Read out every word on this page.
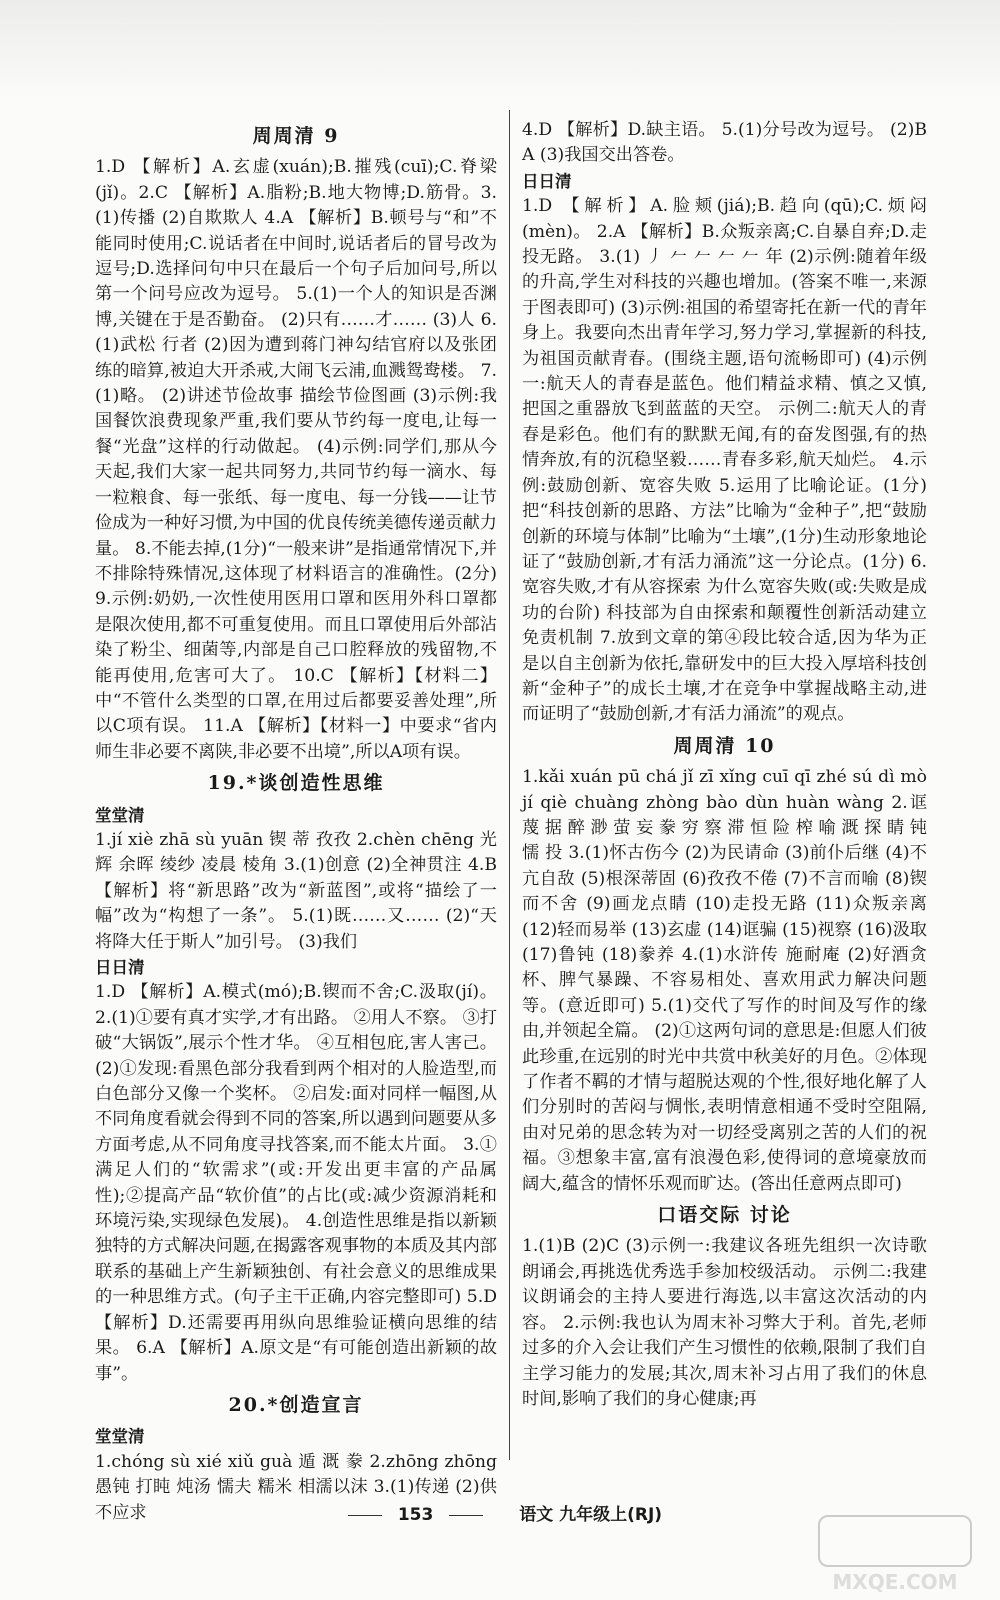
周周清 9

1.D 【解析】A.玄虚(xuán);B.摧残(cuī);C.脊梁(jǐ)。2.C 【解析】A.脂粉;B.地大物博;D.筋骨。3.(1)传播 (2)自欺欺人 4.A 【解析】B.顿号与“和”不能同时使用;C.说话者在中间时,说话者后的冒号改为逗号;D.选择问句中只在最后一个句子后加问号,所以第一个问号应改为逗号。 5.(1)一个人的知识是否渊博,关键在于是否勤奋。 (2)只有……才…… (3)人 6.(1)武松 行者 (2)因为遭到蒋门神勾结官府以及张团练的暗算,被迫大开杀戒,大闹飞云浦,血溅鸳鸯楼。 7.(1)略。 (2)讲述节俭故事 描绘节俭图画 (3)示例:我国餐饮浪费现象严重,我们要从节约每一度电,让每一餐“光盘”这样的行动做起。 (4)示例:同学们,那从今天起,我们大家一起共同努力,共同节约每一滴水、每一粒粮食、每一张纸、每一度电、每一分钱——让节俭成为一种好习惯,为中国的优良传统美德传递贡献力量。 8.不能去掉,(1分)“一般来讲”是指通常情况下,并不排除特殊情况,这体现了材料语言的准确性。(2分) 9.示例:奶奶,一次性使用医用口罩和医用外科口罩都是限次使用,都不可重复使用。而且口罩使用后外部沾染了粉尘、细菌等,内部是自己口腔释放的残留物,不能再使用,危害可大了。 10.C 【解析】【材料二】中“不管什么类型的口罩,在用过后都要妥善处理”,所以C项有误。 11.A 【解析】【材料一】中要求“省内师生非必要不离陕,非必要不出境”,所以A项有误。

19.*谈创造性思维
堂堂清

1.jí xiè zhā sù yuān 锲 蒂 孜孜 2.chèn chēng 光辉 余晖 绫纱 凌晨 棱角 3.(1)创意 (2)全神贯注 4.B 【解析】将“新思路”改为“新蓝图”,或将“描绘了一幅”改为“构想了一条”。 5.(1)既……又…… (2)“天将降大任于斯人”加引号。 (3)我们

日日清

1.D 【解析】A.模式(mó);B.锲而不舍;C.汲取(jí)。2.(1)①要有真才实学,才有出路。 ②用人不察。 ③打破“大锅饭”,展示个性才华。 ④互相包庇,害人害己。 (2)①发现:看黑色部分我看到两个相对的人脸造型,而白色部分又像一个奖杯。 ②启发:面对同样一幅图,从不同角度看就会得到不同的答案,所以遇到问题要从多方面考虑,从不同角度寻找答案,而不能太片面。 3.①满足人们的“软需求”(或:开发出更丰富的产品属性);②提高产品“软价值”的占比(或:减少资源消耗和环境污染,实现绿色发展)。 4.创造性思维是指以新颖独特的方式解决问题,在揭露客观事物的本质及其内部联系的基础上产生新颖独创、有社会意义的思维成果的一种思维方式。(句子主干正确,内容完整即可) 5.D 【解析】D.还需要再用纵向思维验证横向思维的结果。 6.A 【解析】A.原文是“有可能创造出新颖的故事”。

20.*创造宣言
堂堂清

1.chóng sù xié xiǔ guà 遁 溉 豢 2.zhōng zhōng 愚钝 打盹 炖汤 懦夫 糯米 相濡以沫 3.(1)传递 (2)供不应求

4.D 【解析】D.缺主语。 5.(1)分号改为逗号。 (2)B A (3)我国交出答卷。

日日清

1.D 【解析】A.脸颊(jiá);B.趋向(qū);C.烦闷(mèn)。 2.A 【解析】B.众叛亲离;C.自暴自弃;D.走投无路。 3.(1) 丿 𠂉 𠂉 𠂉 𠂉 年 (2)示例:随着年级的升高,学生对科技的兴趣也增加。(答案不唯一,来源于图表即可) (3)示例:祖国的希望寄托在新一代的青年身上。我要向杰出青年学习,努力学习,掌握新的科技,为祖国贡献青春。(围绕主题,语句流畅即可) (4)示例一:航天人的青春是蓝色。他们精益求精、慎之又慎,把国之重器放飞到蓝蓝的天空。 示例二:航天人的青春是彩色。他们有的默默无闻,有的奋发图强,有的热情奔放,有的沉稳坚毅……青春多彩,航天灿烂。 4.示例:鼓励创新、宽容失败 5.运用了比喻论证。(1分)把“科技创新的思路、方法”比喻为“金种子”,把“鼓励创新的环境与体制”比喻为“土壤”,(1分)生动形象地论证了“鼓励创新,才有活力涌流”这一分论点。(1分) 6.宽容失败,才有从容探索 为什么宽容失败(或:失败是成功的台阶) 科技部为自由探索和颠覆性创新活动建立免责机制 7.放到文章的第④段比较合适,因为华为正是以自主创新为依托,靠研发中的巨大投入厚培科技创新“金种子”的成长土壤,才在竞争中掌握战略主动,进而证明了“鼓励创新,才有活力涌流”的观点。

周周清 10

1.kǎi xuán pū chá jǐ zī xǐng cuī qī zhé sú dì mò jí qiè chuàng zhòng bào dùn huàn wàng 2.诓 蔑 据 醉 渺 萤 妄 豢 穷 察 滞 恒 险 榨 喻 溉 探 睛 钝 懦 投 3.(1)怀古伤今 (2)为民请命 (3)前仆后继 (4)不亢自敌 (5)根深蒂固 (6)孜孜不倦 (7)不言而喻 (8)锲而不舍 (9)画龙点睛 (10)走投无路 (11)众叛亲离 (12)轻而易举 (13)玄虚 (14)诓骗 (15)视察 (16)汲取 (17)鲁钝 (18)豢养 4.(1)水浒传 施耐庵 (2)好酒贪杯、脾气暴躁、不容易相处、喜欢用武力解决问题等。(意近即可) 5.(1)交代了写作的时间及写作的缘由,并领起全篇。 (2)①这两句词的意思是:但愿人们彼此珍重,在远别的时光中共赏中秋美好的月色。②体现了作者不羁的才情与超脱达观的个性,很好地化解了人们分别时的苦闷与惆怅,表明情意相通不受时空阻隔,由对兄弟的思念转为对一切经受离别之苦的人们的祝福。③想象丰富,富有浪漫色彩,使得词的意境豪放而阔大,蕴含的情怀乐观而旷达。(答出任意两点即可)

口语交际 讨论

1.(1)B (2)C (3)示例一:我建议各班先组织一次诗歌朗诵会,再挑选优秀选手参加校级活动。 示例二:我建议朗诵会的主持人要进行海选,以丰富这次活动的内容。 2.示例:我也认为周末补习弊大于利。首先,老师过多的介入会让我们产生习惯性的依赖,限制了我们自主学习能力的发展;其次,周末补习占用了我们的休息时间,影响了我们的身心健康;再

153	语文 九年级上(RJ)
MXQE.COM
